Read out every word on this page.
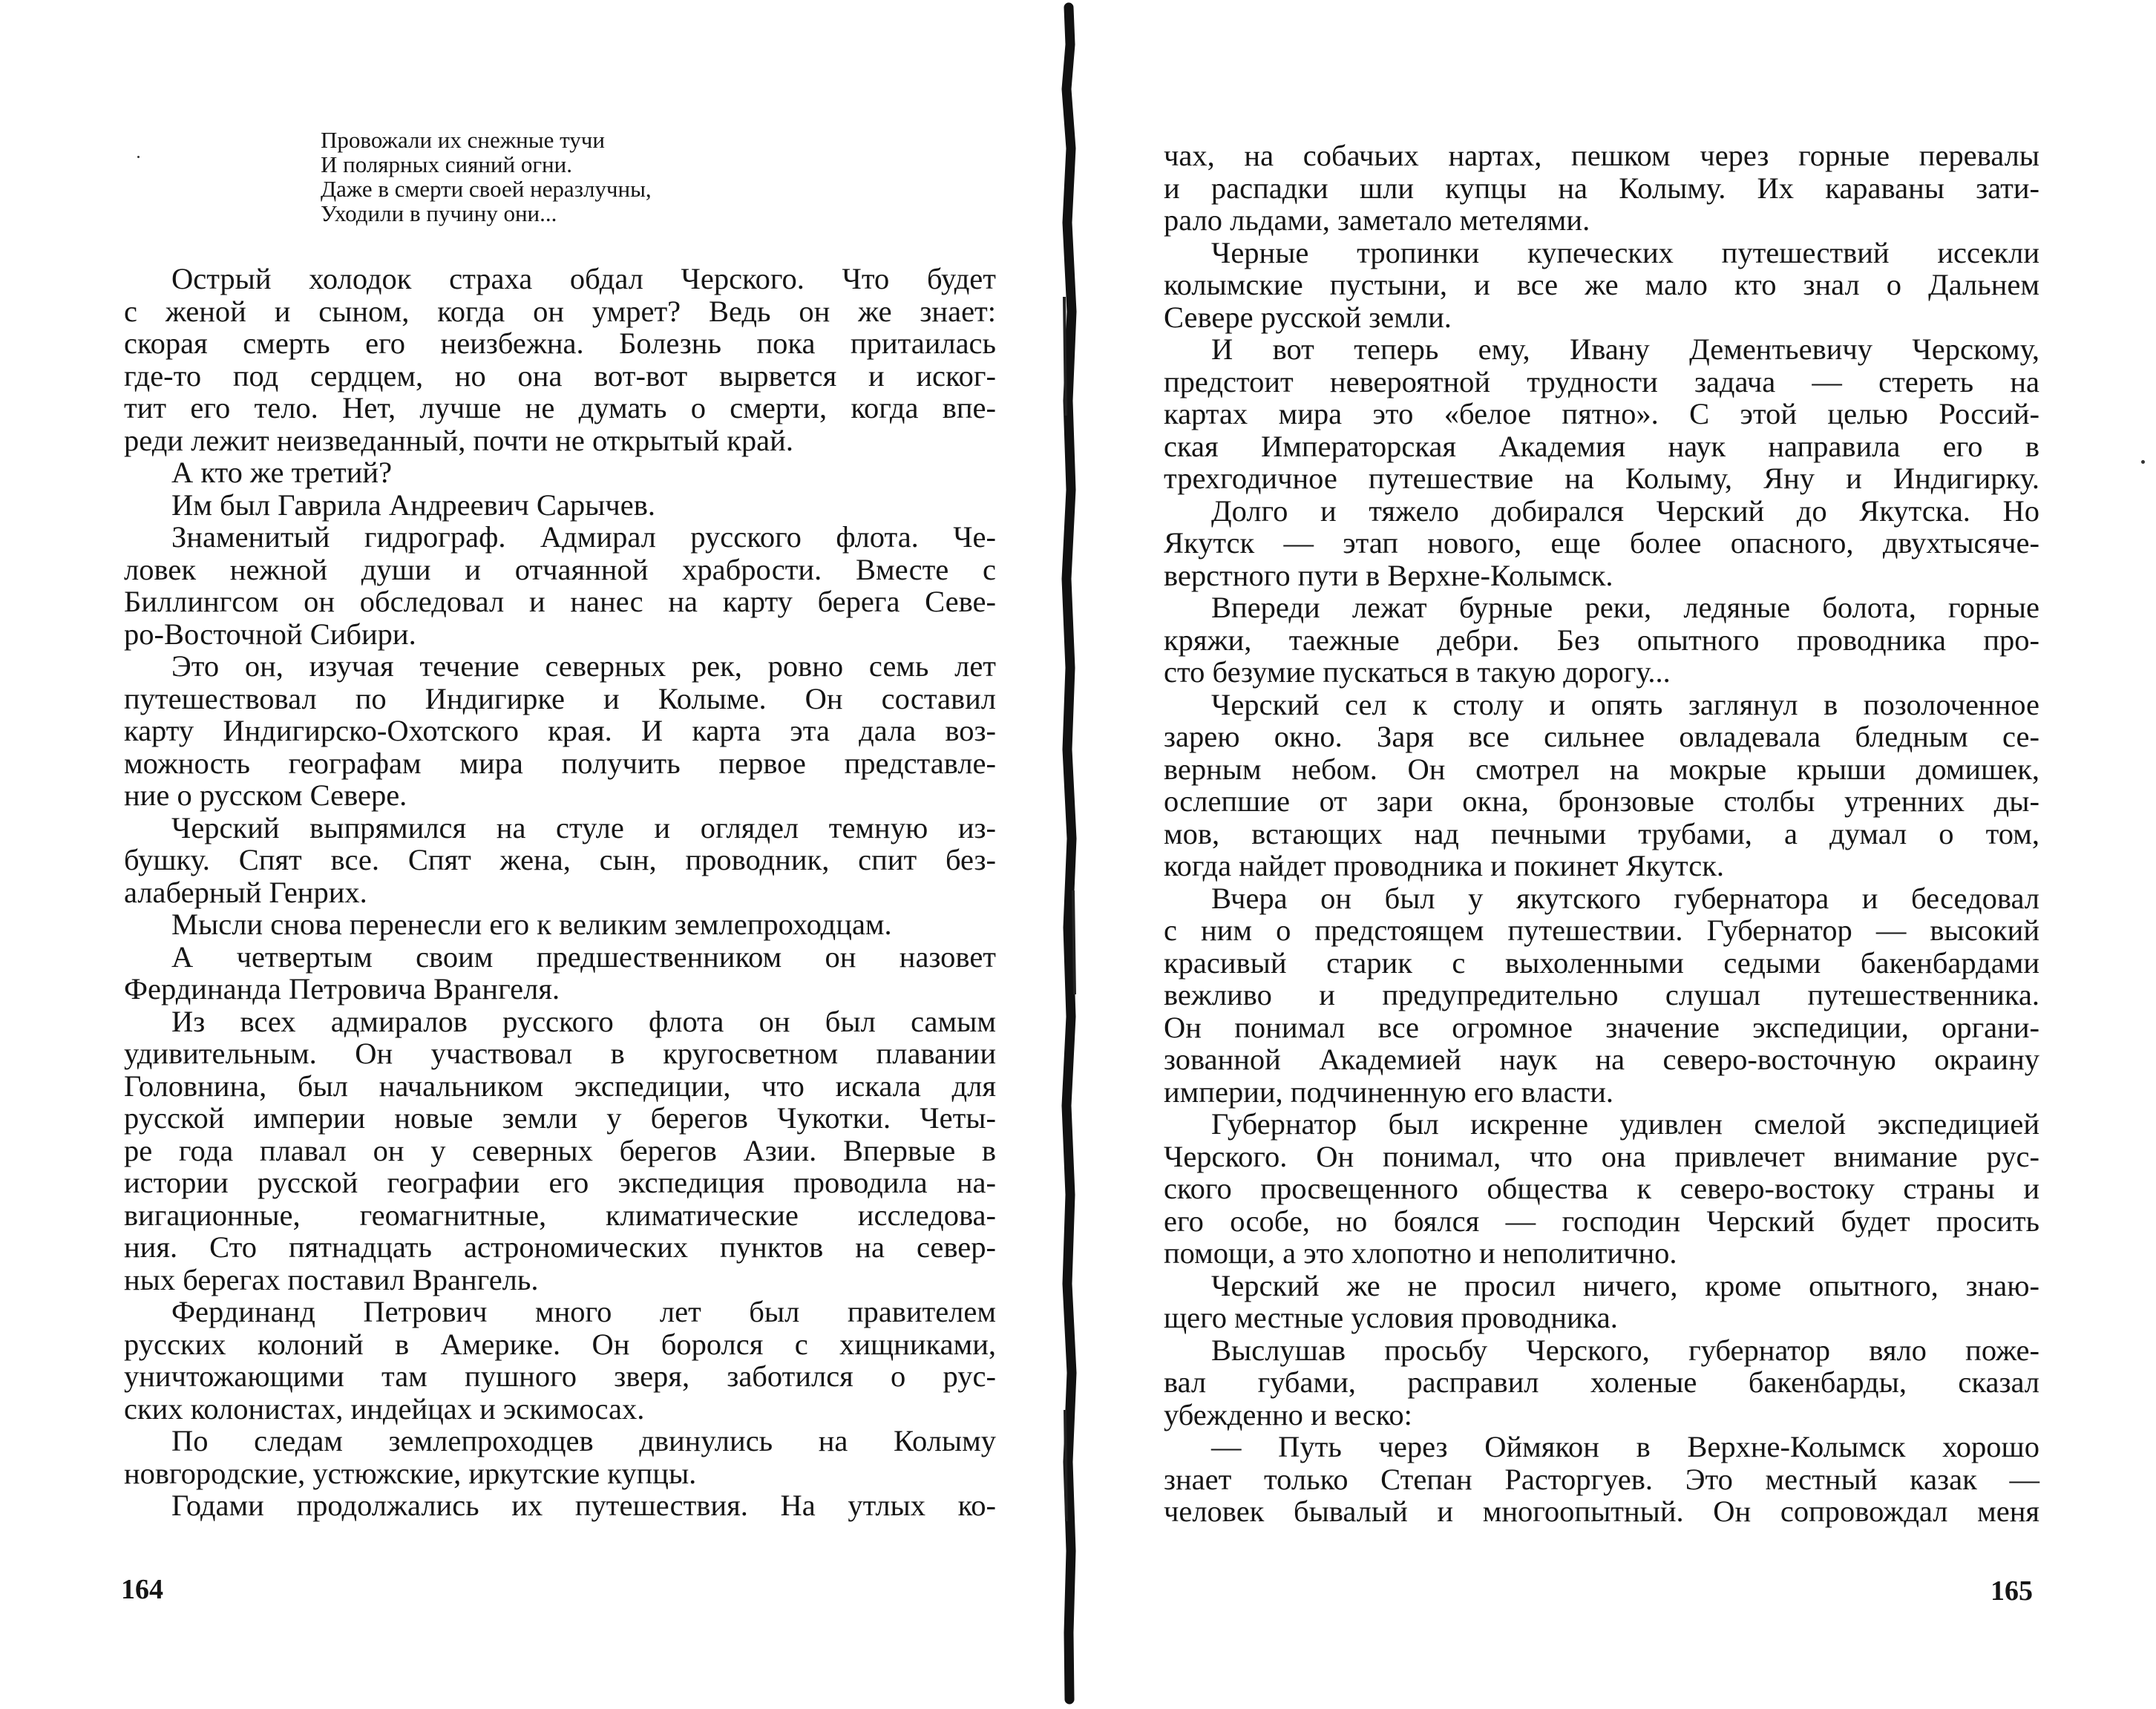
Провожали их снежные тучи
И полярных сияний огни.
Даже в смерти своей неразлучны,
Уходили в пучину они...
Острый холодок страха обдал Черского. Что будет
с женой и сыном, когда он умрет? Ведь он же знает:
скорая смерть его неизбежна. Болезнь пока притаилась
где-то под сердцем, но она вот-вот вырвется и иског-
тит его тело. Нет, лучше не думать о смерти, когда впе-
реди лежит неизведанный, почти не открытый край.
А кто же третий?
Им был Гаврила Андреевич Сарычев.
Знаменитый гидрограф. Адмирал русского флота. Че-
ловек нежной души и отчаянной храбрости. Вместе с
Биллингсом он обследовал и нанес на карту берега Севе-
ро-Восточной Сибири.
Это он, изучая течение северных рек, ровно семь лет
путешествовал по Индигирке и Колыме. Он составил
карту Индигирско-Охотского края. И карта эта дала воз-
можность географам мира получить первое представле-
ние о русском Севере.
Черский выпрямился на стуле и оглядел темную из-
бушку. Спят все. Спят жена, сын, проводник, спит без-
алаберный Генрих.
Мысли снова перенесли его к великим землепроходцам.
А четвертым своим предшественником он назовет
Фердинанда Петровича Врангеля.
Из всех адмиралов русского флота он был самым
удивительным. Он участвовал в кругосветном плавании
Головнина, был начальником экспедиции, что искала для
русской империи новые земли у берегов Чукотки. Четы-
ре года плавал он у северных берегов Азии. Впервые в
истории русской географии его экспедиция проводила на-
вигационные, геомагнитные, климатические исследова-
ния. Сто пятнадцать астрономических пунктов на север-
ных берегах поставил Врангель.
Фердинанд Петрович много лет был правителем
русских колоний в Америке. Он боролся с хищниками,
уничтожающими там пушного зверя, заботился о рус-
ских колонистах, индейцах и эскимосах.
По следам землепроходцев двинулись на Колыму
новгородские, устюжские, иркутские купцы.
Годами продолжались их путешествия. На утлых ко-
164
чах, на собачьих нартах, пешком через горные перевалы
и распадки шли купцы на Колыму. Их караваны зати-
рало льдами, заметало метелями.
Черные тропинки купеческих путешествий иссекли
колымские пустыни, и все же мало кто знал о Дальнем
Севере русской земли.
И вот теперь ему, Ивану Дементьевичу Черскому,
предстоит невероятной трудности задача — стереть на
картах мира это «белое пятно». С этой целью Россий-
ская Императорская Академия наук направила его в
трехгодичное путешествие на Колыму, Яну и Индигирку.
Долго и тяжело добирался Черский до Якутска. Но
Якутск — этап нового, еще более опасного, двухтысяче-
верстного пути в Верхне-Колымск.
Впереди лежат бурные реки, ледяные болота, горные
кряжи, таежные дебри. Без опытного проводника про-
сто безумие пускаться в такую дорогу...
Черский сел к столу и опять заглянул в позолоченное
зарею окно. Заря все сильнее овладевала бледным се-
верным небом. Он смотрел на мокрые крыши домишек,
ослепшие от зари окна, бронзовые столбы утренних ды-
мов, встающих над печными трубами, а думал о том,
когда найдет проводника и покинет Якутск.
Вчера он был у якутского губернатора и беседовал
с ним о предстоящем путешествии. Губернатор — высокий
красивый старик с выхоленными седыми бакенбардами
вежливо и предупредительно слушал путешественника.
Он понимал все огромное значение экспедиции, органи-
зованной Академией наук на северо-восточную окраину
империи, подчиненную его власти.
Губернатор был искренне удивлен смелой экспедицией
Черского. Он понимал, что она привлечет внимание рус-
ского просвещенного общества к северо-востоку страны и
его особе, но боялся — господин Черский будет просить
помощи, а это хлопотно и неполитично.
Черский же не просил ничего, кроме опытного, знаю-
щего местные условия проводника.
Выслушав просьбу Черского, губернатор вяло поже-
вал губами, расправил холеные бакенбарды, сказал
убежденно и веско:
— Путь через Оймякон в Верхне-Колымск хорошо
знает только Степан Расторгуев. Это местный казак —
человек бывалый и многоопытный. Он сопровождал меня
165
